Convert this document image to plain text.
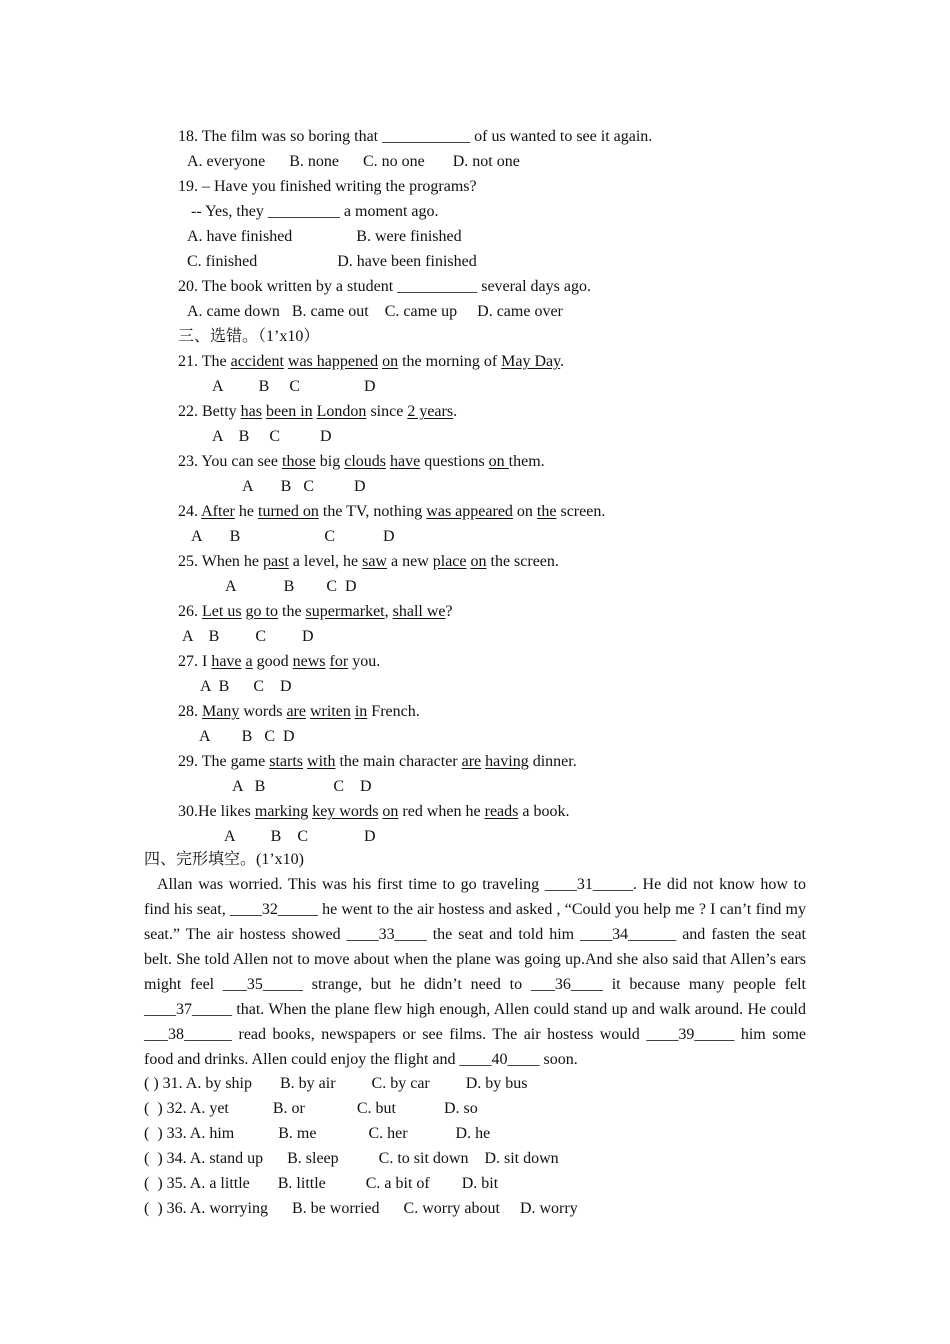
18. The film was so boring that ___________ of us wanted to see it again.
A. everyone      B. none      C. no one       D. not one
19. – Have you finished writing the programs?
-- Yes, they _________ a moment ago.
A. have finished                B. were finished
C. finished                    D. have been finished
20. The book written by a student __________ several days ago.
A. came down   B. came out    C. came up     D. came over
三、选错。（1’x10）
21. The accident was happened on the morning of May Day.
A         B     C                D
22. Betty has been in London since 2 years.
A    B     C          D
23. You can see those big clouds have questions on them.
A       B   C          D
24. After he turned on the TV, nothing was appeared on the screen.
A       B                     C            D
25. When he past a level, he saw a new place on the screen.
A            B        C  D
26. Let us go to the supermarket, shall we?
A    B         C         D
27. I have a good news for you.
A  B      C    D
28. Many words are writen in French.
A        B   C  D
29. The game starts with the main character are having dinner.
A   B                 C    D
30.He likes marking key words on red when he reads a book.
A         B    C              D
四、完形填空。(1’x10)
Allan was worried. This was his first time to go traveling ____31_____. He did not know how to find his seat, ____32_____ he went to the air hostess and asked , “Could you help me ? I can’t find my seat.” The air hostess showed ____33____ the seat and told him ____34______ and fasten the seat belt. She told Allen not to move about when the plane was going up.And she also said that Allen’s ears might feel ___35_____ strange, but he didn’t need to ___36____ it because many people felt ____37_____ that. When the plane flew high enough, Allen could stand up and walk around. He could ___38______ read books, newspapers or see films. The air hostess would ____39_____ him some food and drinks. Allen could enjoy the flight and ____40____ soon.
( ) 31. A. by ship       B. by air         C. by car         D. by bus
(  ) 32. A. yet           B. or             C. but            D. so
(  ) 33. A. him           B. me             C. her            D. he
(  ) 34. A. stand up      B. sleep          C. to sit down    D. sit down
(  ) 35. A. a little       B. little          C. a bit of        D. bit
(  ) 36. A. worrying      B. be worried      C. worry about     D. worry
